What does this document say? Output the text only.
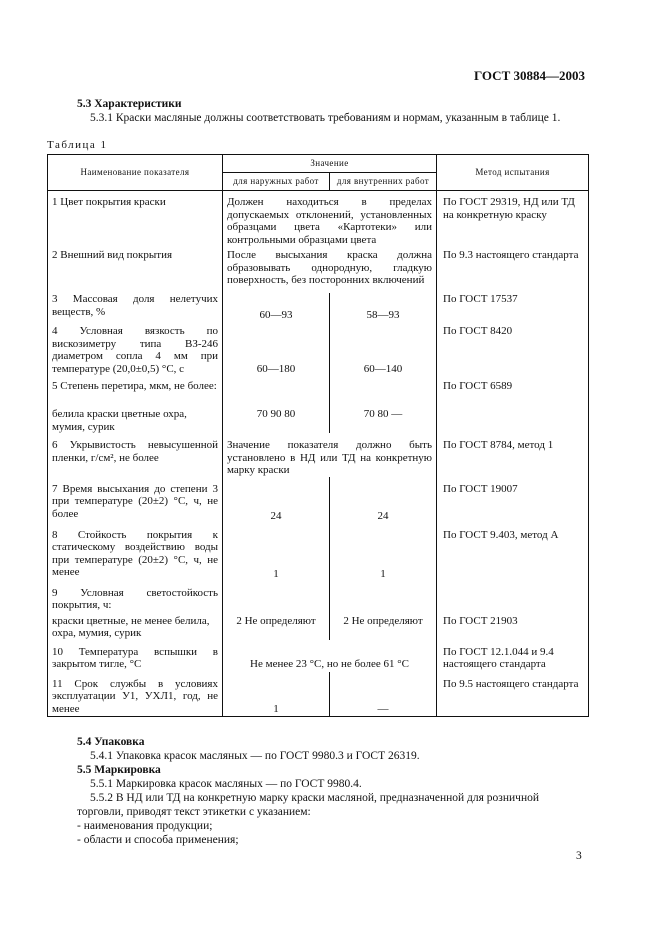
ГОСТ 30884—2003
5.3 Характеристики
5.3.1 Краски масляные должны соответствовать требованиям и нормам, указанным в таблице 1.
Таблица 1
Наименование показателя	Значение		Метод испытания
	для наружных работ	для внутренних работ	
1 Цвет покрытия краски	Должен находиться в пределах допускаемых отклонений, установленных образцами цвета «Картотеки» или контрольными образцами цвета		По ГОСТ 29319, НД или ТД на конкретную краску
2 Внешний вид покрытия	После высыхания краска должна образовывать однородную, гладкую поверхность, без посторонних включений		По 9.3 настоящего стандарта
3 Массовая доля нелетучих веществ, %	60—93	58—93	По ГОСТ 17537
4 Условная вязкость по вискозиметру типа ВЗ-246 диаметром сопла 4 мм при температуре (20,0±0,5) °С, с	60—180	60—140	По ГОСТ 8420
5 Степень перетира, мкм, не более:			По ГОСТ 6589
белила краски цветные охра, мумия, сурик	70 90 80	70 80 —	
6 Укрывистость невысушенной пленки, г/см², не более	Значение показателя должно быть установлено в НД или ТД на конкретную марку краски		По ГОСТ 8784, метод 1
7 Время высыхания до степени 3 при температуре (20±2) °С, ч, не более	24	24	По ГОСТ 19007
8 Стойкость покрытия к статическому воздействию воды при температуре (20±2) °С, ч, не менее	1	1	По ГОСТ 9.403, метод А
9 Условная светостойкость покрытия, ч:			
краски цветные, не менее белила, охра, мумия, сурик	2 Не определяют	2 Не определяют	По ГОСТ 21903
10 Температура вспышки в закрытом тигле, °С	Не менее 23 °С, но не более 61 °С		По ГОСТ 12.1.044 и 9.4 настоящего стандарта
11 Срок службы в условиях эксплуатации У1, УХЛ1, год, не менее	1	—	По 9.5 настоящего стандарта
5.4 Упаковка
5.4.1 Упаковка красок масляных — по ГОСТ 9980.3 и ГОСТ 26319.
5.5 Маркировка
5.5.1 Маркировка красок масляных — по ГОСТ 9980.4.
5.5.2 В НД или ТД на конкретную марку краски масляной, предназначенной для розничной
торговли, приводят текст этикетки с указанием:
- наименования продукции;
- области и способа применения;
3
